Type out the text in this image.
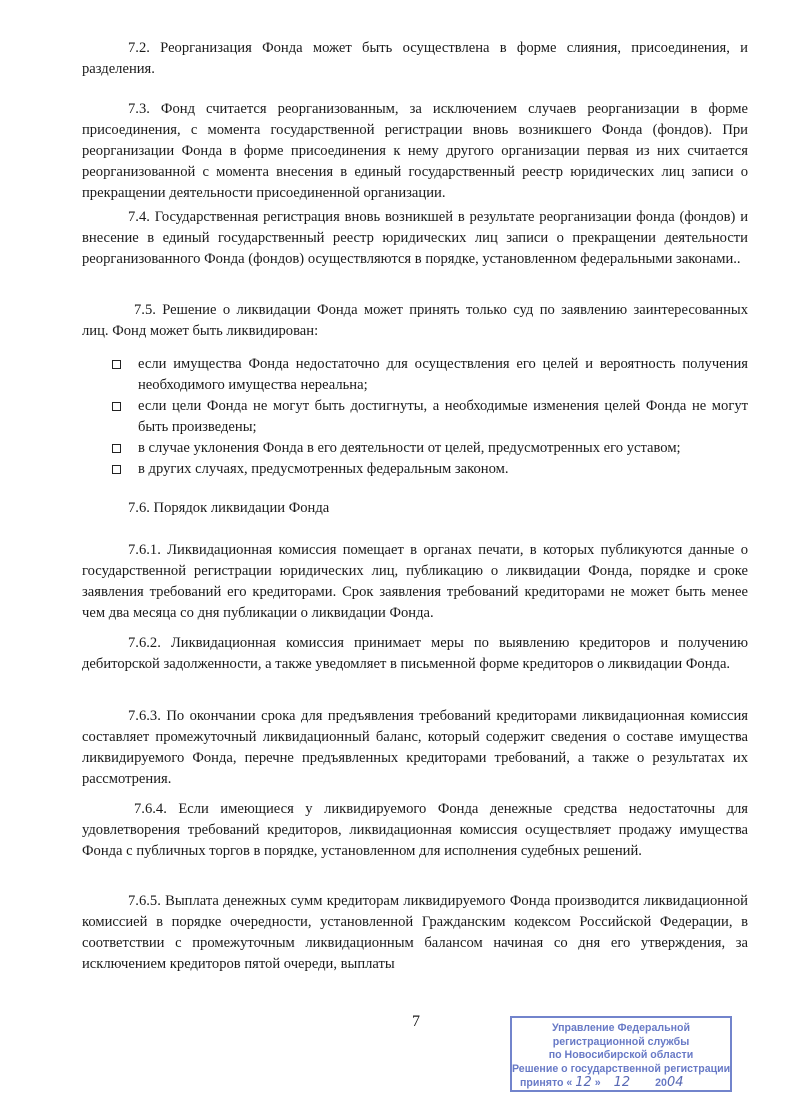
7.2. Реорганизация Фонда может быть осуществлена в форме слияния, присоединения, и разделения.

7.3. Фонд считается реорганизованным, за исключением случаев реорганизации в форме присоединения, с момента государственной регистрации вновь возникшего Фонда (фондов). При реорганизации Фонда в форме присоединения к нему другого организации первая из них считается реорганизованной с момента внесения в единый государственный реестр юридических лиц записи о прекращении деятельности присоединенной организации.

7.4. Государственная регистрация вновь возникшей в результате реорганизации фонда (фондов) и внесение в единый государственный реестр юридических лиц записи о прекращении деятельности реорганизованного Фонда (фондов) осуществляются в порядке, установленном федеральными законами..

7.5. Решение о ликвидации Фонда может принять только суд по заявлению заинтересованных лиц. Фонд может быть ликвидирован:

если имущества Фонда недостаточно для осуществления его целей и вероятность получения необходимого имущества нереальна;
если цели Фонда не могут быть достигнуты, а необходимые изменения целей Фонда не могут быть произведены;
в случае уклонения Фонда в его деятельности от целей, предусмотренных его уставом;
в других случаях, предусмотренных федеральным законом.

7.6. Порядок ликвидации Фонда

7.6.1. Ликвидационная комиссия помещает в органах печати, в которых публикуются данные о государственной регистрации юридических лиц, публикацию о ликвидации Фонда, порядке и сроке заявления требований его кредиторами. Срок заявления требований кредиторами не может быть менее чем два месяца со дня публикации о ликвидации Фонда.

7.6.2. Ликвидационная комиссия принимает меры по выявлению кредиторов и получению дебиторской задолженности, а также уведомляет в письменной форме кредиторов о ликвидации Фонда.

7.6.3. По окончании срока для предъявления требований кредиторами ликвидационная комиссия составляет промежуточный ликвидационный баланс, который содержит сведения о составе имущества ликвидируемого Фонда, перечне предъявленных кредиторами требований, а также о результатах их рассмотрения.

7.6.4. Если имеющиеся у ликвидируемого Фонда денежные средства недостаточны для удовлетворения требований кредиторов, ликвидационная комиссия осуществляет продажу имущества Фонда с публичных торгов в порядке, установленном для исполнения судебных решений.

7.6.5. Выплата денежных сумм кредиторам ликвидируемого Фонда производится ликвидационной комиссией в порядке очередности, установленной Гражданским кодексом Российской Федерации, в соответствии с промежуточным ликвидационным балансом начиная со дня его утверждения, за исключением кредиторов пятой очереди, выплаты

7	Управление Федеральной
регистрационной службы
по Новосибирской области
Решение о государственной регистрации
принято « 12 » 12 2004
